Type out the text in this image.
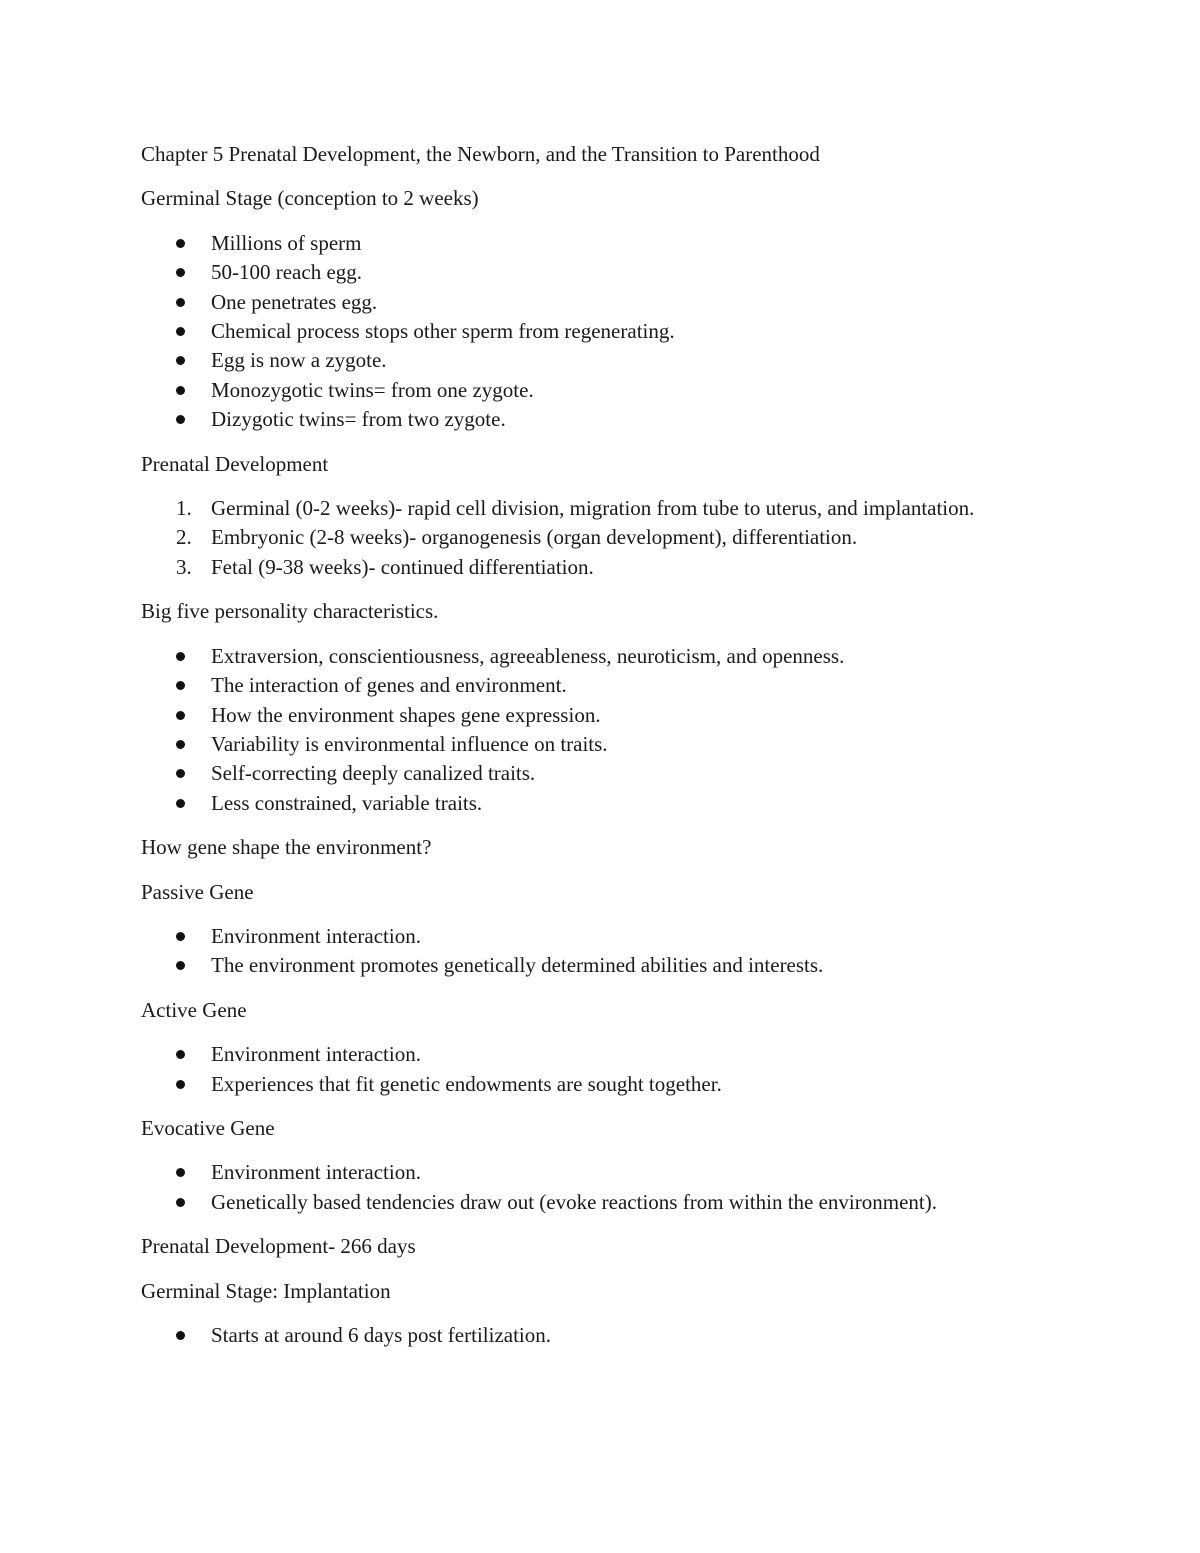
Chapter 5 Prenatal Development, the Newborn, and the Transition to Parenthood

Germinal Stage (conception to 2 weeks)

Millions of sperm
50-100 reach egg.
One penetrates egg.
Chemical process stops other sperm from regenerating.
Egg is now a zygote.
Monozygotic twins= from one zygote.
Dizygotic twins= from two zygote.

Prenatal Development

1. Germinal (0-2 weeks)- rapid cell division, migration from tube to uterus, and implantation.
2. Embryonic (2-8 weeks)- organogenesis (organ development), differentiation.
3. Fetal (9-38 weeks)- continued differentiation.

Big five personality characteristics.

Extraversion, conscientiousness, agreeableness, neuroticism, and openness.
The interaction of genes and environment.
How the environment shapes gene expression.
Variability is environmental influence on traits.
Self-correcting deeply canalized traits.
Less constrained, variable traits.

How gene shape the environment?

Passive Gene

Environment interaction.
The environment promotes genetically determined abilities and interests.

Active Gene

Environment interaction.
Experiences that fit genetic endowments are sought together.

Evocative Gene

Environment interaction.
Genetically based tendencies draw out (evoke reactions from within the environment).

Prenatal Development- 266 days

Germinal Stage: Implantation

Starts at around 6 days post fertilization.
